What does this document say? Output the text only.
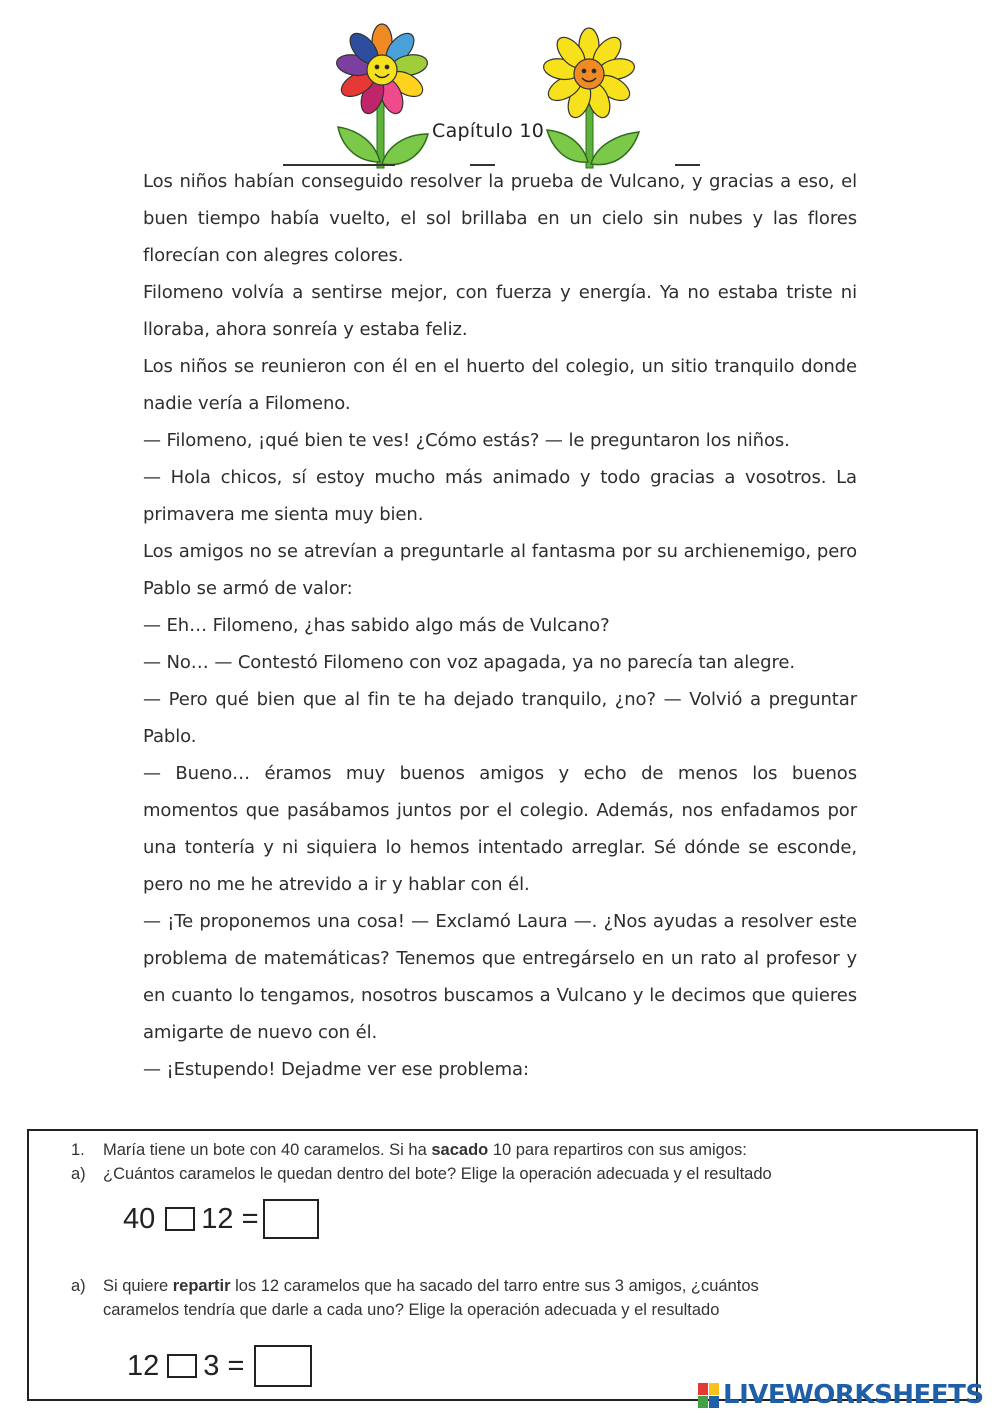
Capítulo 10

Los niños habían conseguido resolver la prueba de Vulcano, y gracias a eso, el buen tiempo había vuelto, el sol brillaba en un cielo sin nubes y las flores florecían con alegres colores.

Filomeno volvía a sentirse mejor, con fuerza y energía. Ya no estaba triste ni lloraba, ahora sonreía y estaba feliz.

Los niños se reunieron con él en el huerto del colegio, un sitio tranquilo donde nadie vería a Filomeno.

— Filomeno, ¡qué bien te ves! ¿Cómo estás? — le preguntaron los niños.

— Hola chicos, sí estoy mucho más animado y todo gracias a vosotros. La primavera me sienta muy bien.

Los amigos no se atrevían a preguntarle al fantasma por su archienemigo, pero Pablo se armó de valor:

— Eh… Filomeno, ¿has sabido algo más de Vulcano?

— No… — Contestó Filomeno con voz apagada, ya no parecía tan alegre.

— Pero qué bien que al fin te ha dejado tranquilo, ¿no? — Volvió a preguntar Pablo.

— Bueno… éramos muy buenos amigos y echo de menos los buenos momentos que pasábamos juntos por el colegio. Además, nos enfadamos por una tontería y ni siquiera lo hemos intentado arreglar. Sé dónde se esconde, pero no me he atrevido a ir y hablar con él.

— ¡Te proponemos una cosa! — Exclamó Laura —. ¿Nos ayudas a resolver este problema de matemáticas? Tenemos que entregárselo en un rato al profesor y en cuanto lo tengamos, nosotros buscamos a Vulcano y le decimos que quieres amigarte de nuevo con él.

— ¡Estupendo! Dejadme ver ese problema:

1. María tiene un bote con 40 caramelos. Si ha sacado 10 para repartiros con sus amigos:
a) ¿Cuántos caramelos le quedan dentro del bote? Elige la operación adecuada y el resultado
40 12 =
a) Si quiere repartir los 12 caramelos que ha sacado del tarro entre sus 3 amigos, ¿cuántos
caramelos tendría que darle a cada uno? Elige la operación adecuada y el resultado
12 3 =
LIVEWORKSHEETS
